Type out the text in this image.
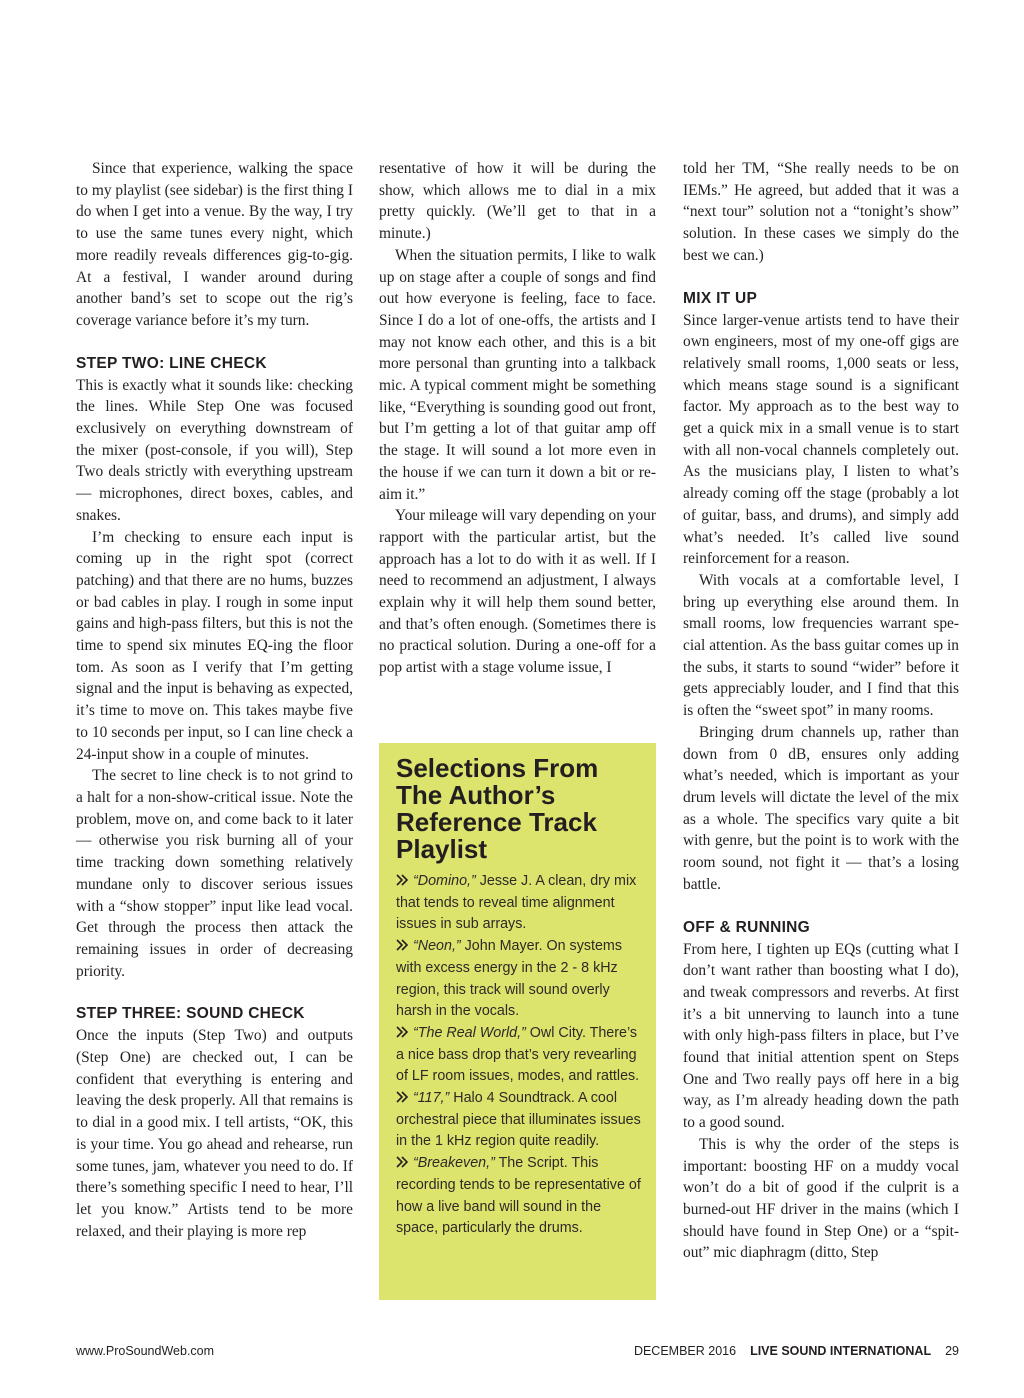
Since that experience, walking the space to my playlist (see sidebar) is the first thing I do when I get into a venue. By the way, I try to use the same tunes every night, which more readily reveals differences gig-to-gig. At a festival, I wander around during another band’s set to scope out the rig’s coverage variance before it’s my turn.

STEP TWO: LINE CHECK

This is exactly what it sounds like: checking the lines. While Step One was focused exclusively on everything downstream of the mixer (post-console, if you will), Step Two deals strictly with everything upstream — microphones, direct boxes, cables, and snakes.

I’m checking to ensure each input is coming up in the right spot (correct patching) and that there are no hums, buzzes or bad cables in play. I rough in some input gains and high-pass filters, but this is not the time to spend six minutes EQ-ing the floor tom. As soon as I verify that I’m getting signal and the input is behaving as expected, it’s time to move on. This takes maybe five to 10 seconds per input, so I can line check a 24-input show in a couple of minutes.

The secret to line check is to not grind to a halt for a non-show-critical issue. Note the problem, move on, and come back to it later — otherwise you risk burning all of your time tracking down something relatively mundane only to discover serious issues with a “show stopper” input like lead vocal. Get through the process then attack the remaining issues in order of decreasing priority.

STEP THREE: SOUND CHECK

Once the inputs (Step Two) and outputs (Step One) are checked out, I can be confident that everything is entering and leaving the desk properly. All that remains is to dial in a good mix. I tell artists, “OK, this is your time. You go ahead and rehearse, run some tunes, jam, whatever you need to do. If there’s something specific I need to hear, I’ll let you know.” Artists tend to be more relaxed, and their playing is more rep

resentative of how it will be during the show, which allows me to dial in a mix pretty quickly. (We’ll get to that in a minute.)

When the situation permits, I like to walk up on stage after a couple of songs and find out how everyone is feeling, face to face. Since I do a lot of one-offs, the artists and I may not know each other, and this is a bit more personal than grunting into a talkback mic. A typical comment might be something like, “Everything is sounding good out front, but I’m getting a lot of that guitar amp off the stage. It will sound a lot more even in the house if we can turn it down a bit or re-aim it.”

Your mileage will vary depending on your rapport with the particular artist, but the approach has a lot to do with it as well. If I need to recommend an adjustment, I always explain why it will help them sound better, and that’s often enough. (Sometimes there is no practical solution. During a one-off for a pop artist with a stage volume issue, I

Selections From The Author’s Reference Track Playlist

“Domino,” Jesse J. A clean, dry mix that tends to reveal time alignment issues in sub arrays.

“Neon,” John Mayer. On systems with excess energy in the 2 - 8 kHz region, this track will sound overly harsh in the vocals.

“The Real World,” Owl City. There’s a nice bass drop that’s very revearling of LF room issues, modes, and rattles.

“117,” Halo 4 Soundtrack. A cool orchestral piece that illuminates issues in the 1 kHz region quite readily.

“Breakeven,” The Script. This recording tends to be representative of how a live band will sound in the space, particularly the drums.

told her TM, “She really needs to be on IEMs.” He agreed, but added that it was a “next tour” solution not a “tonight’s show” solution. In these cases we simply do the best we can.)

MIX IT UP

Since larger-venue artists tend to have their own engineers, most of my one-off gigs are relatively small rooms, 1,000 seats or less, which means stage sound is a significant factor. My approach as to the best way to get a quick mix in a small venue is to start with all non-vocal channels completely out. As the musicians play, I listen to what’s already coming off the stage (probably a lot of guitar, bass, and drums), and simply add what’s needed. It’s called live sound reinforcement for a reason.

With vocals at a comfortable level, I bring up everything else around them. In small rooms, low frequencies warrant special attention. As the bass guitar comes up in the subs, it starts to sound “wider” before it gets appreciably louder, and I find that this is often the “sweet spot” in many rooms.

Bringing drum channels up, rather than down from 0 dB, ensures only adding what’s needed, which is important as your drum levels will dictate the level of the mix as a whole. The specifics vary quite a bit with genre, but the point is to work with the room sound, not fight it — that’s a losing battle.

OFF & RUNNING

From here, I tighten up EQs (cutting what I don’t want rather than boosting what I do), and tweak compressors and reverbs. At first it’s a bit unnerving to launch into a tune with only high-pass filters in place, but I’ve found that initial attention spent on Steps One and Two really pays off here in a big way, as I’m already heading down the path to a good sound.

This is why the order of the steps is important: boosting HF on a muddy vocal won’t do a bit of good if the culprit is a burned-out HF driver in the mains (which I should have found in Step One) or a “spit-out” mic diaphragm (ditto, Step

www.ProSoundWeb.com	DECEMBER 2016 LIVE SOUND INTERNATIONAL 29
